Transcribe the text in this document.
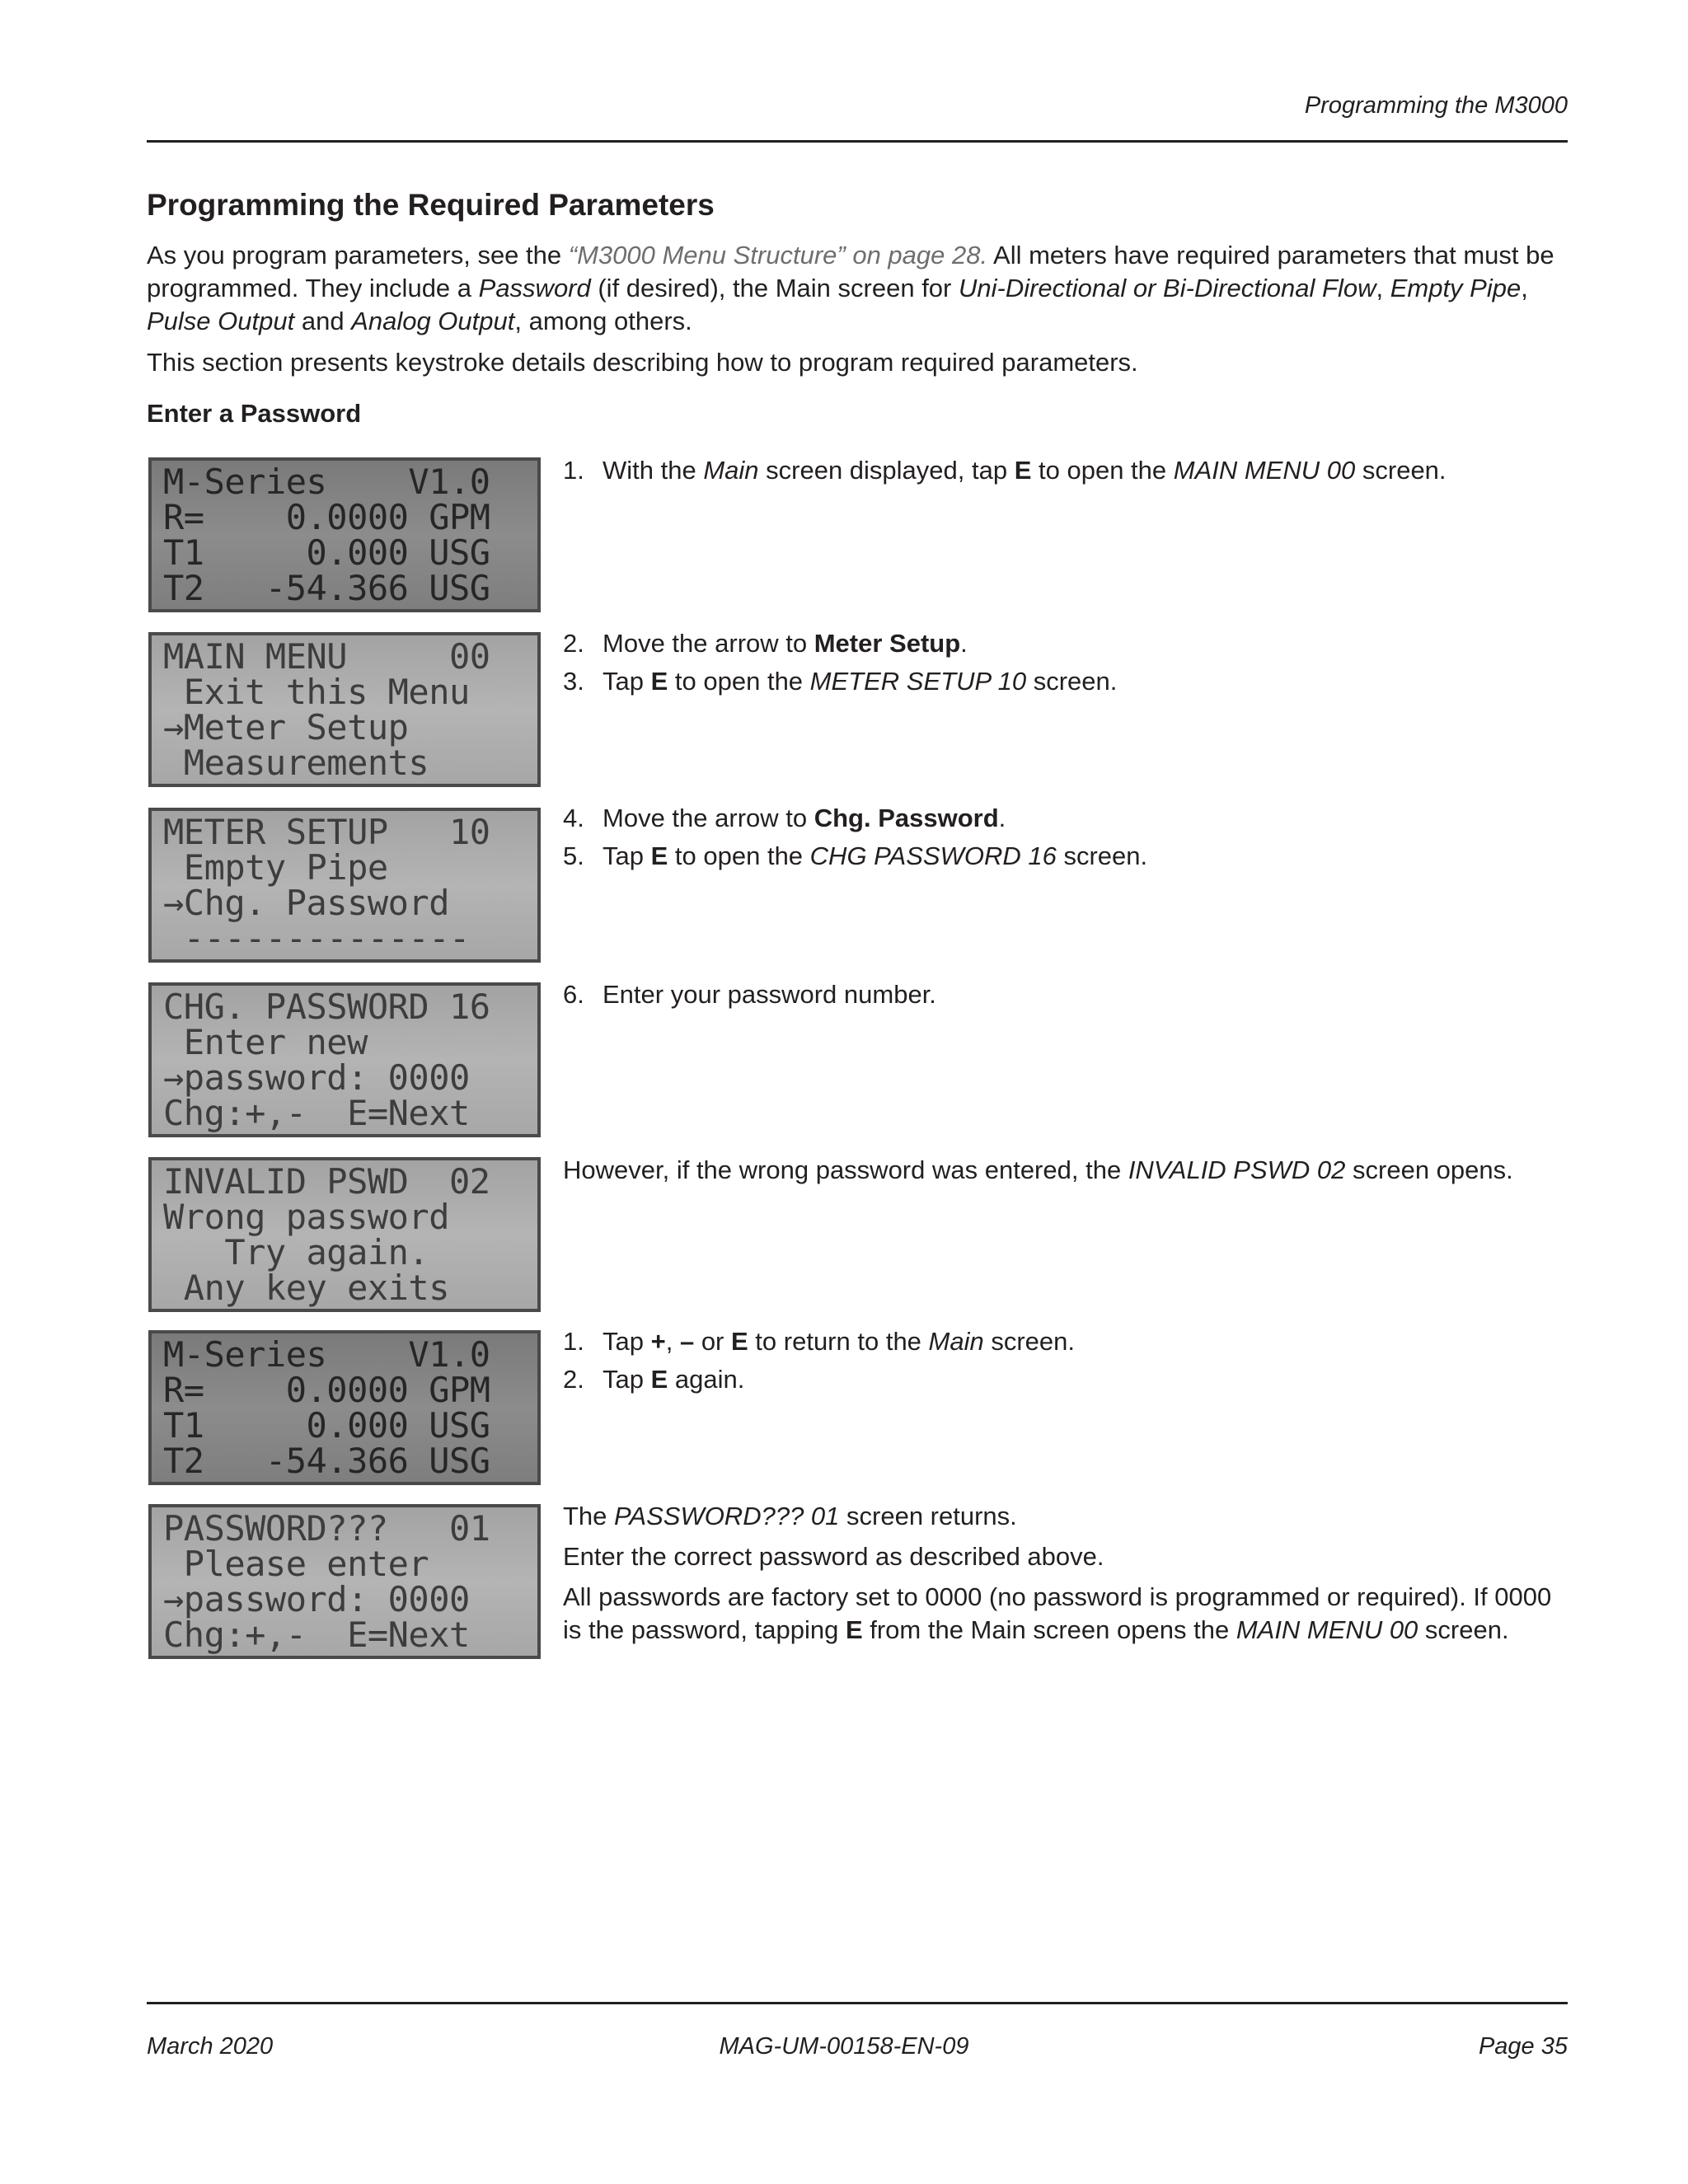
Programming the M3000
Programming the Required Parameters

As you program parameters, see the “M3000 Menu Structure” on page 28. All meters have required parameters that must be programmed. They include a Password (if desired), the Main screen for Uni-Directional or Bi-Directional Flow, Empty Pipe, Pulse Output and Analog Output, among others.

This section presents keystroke details describing how to program required parameters.

Enter a Password
M-Series    V1.0
R=    0.0000 GPM
T1     0.000 USG
T2   -54.366 USG
MAIN MENU     00
Exit this Menu
→Meter Setup
Measurements
METER SETUP   10
Empty Pipe
→Chg. Password
--------------
CHG. PASSWORD 16
Enter new
→password: 0000
Chg:+,-  E=Next
INVALID PSWD  02
Wrong password
Try again.
Any key exits
M-Series    V1.0
R=    0.0000 GPM
T1     0.000 USG
T2   -54.366 USG
PASSWORD???   01
Please enter
→password: 0000
Chg:+,-  E=Next

1. With the Main screen displayed, tap E to open the MAIN MENU 00 screen.

2. Move the arrow to Meter Setup.

3. Tap E to open the METER SETUP 10 screen.

4. Move the arrow to Chg. Password.

5. Tap E to open the CHG PASSWORD 16 screen.

6. Enter your password number.

However, if the wrong password was entered, the INVALID PSWD 02 screen opens.

1. Tap +, – or E to return to the Main screen.

2. Tap E again.

The PASSWORD??? 01 screen returns.

Enter the correct password as described above.

All passwords are factory set to 0000 (no password is programmed or required). If 0000 is the password, tapping E from the Main screen opens the MAIN MENU 00 screen.

March 2020	MAG-UM-00158-EN-09	Page 35
